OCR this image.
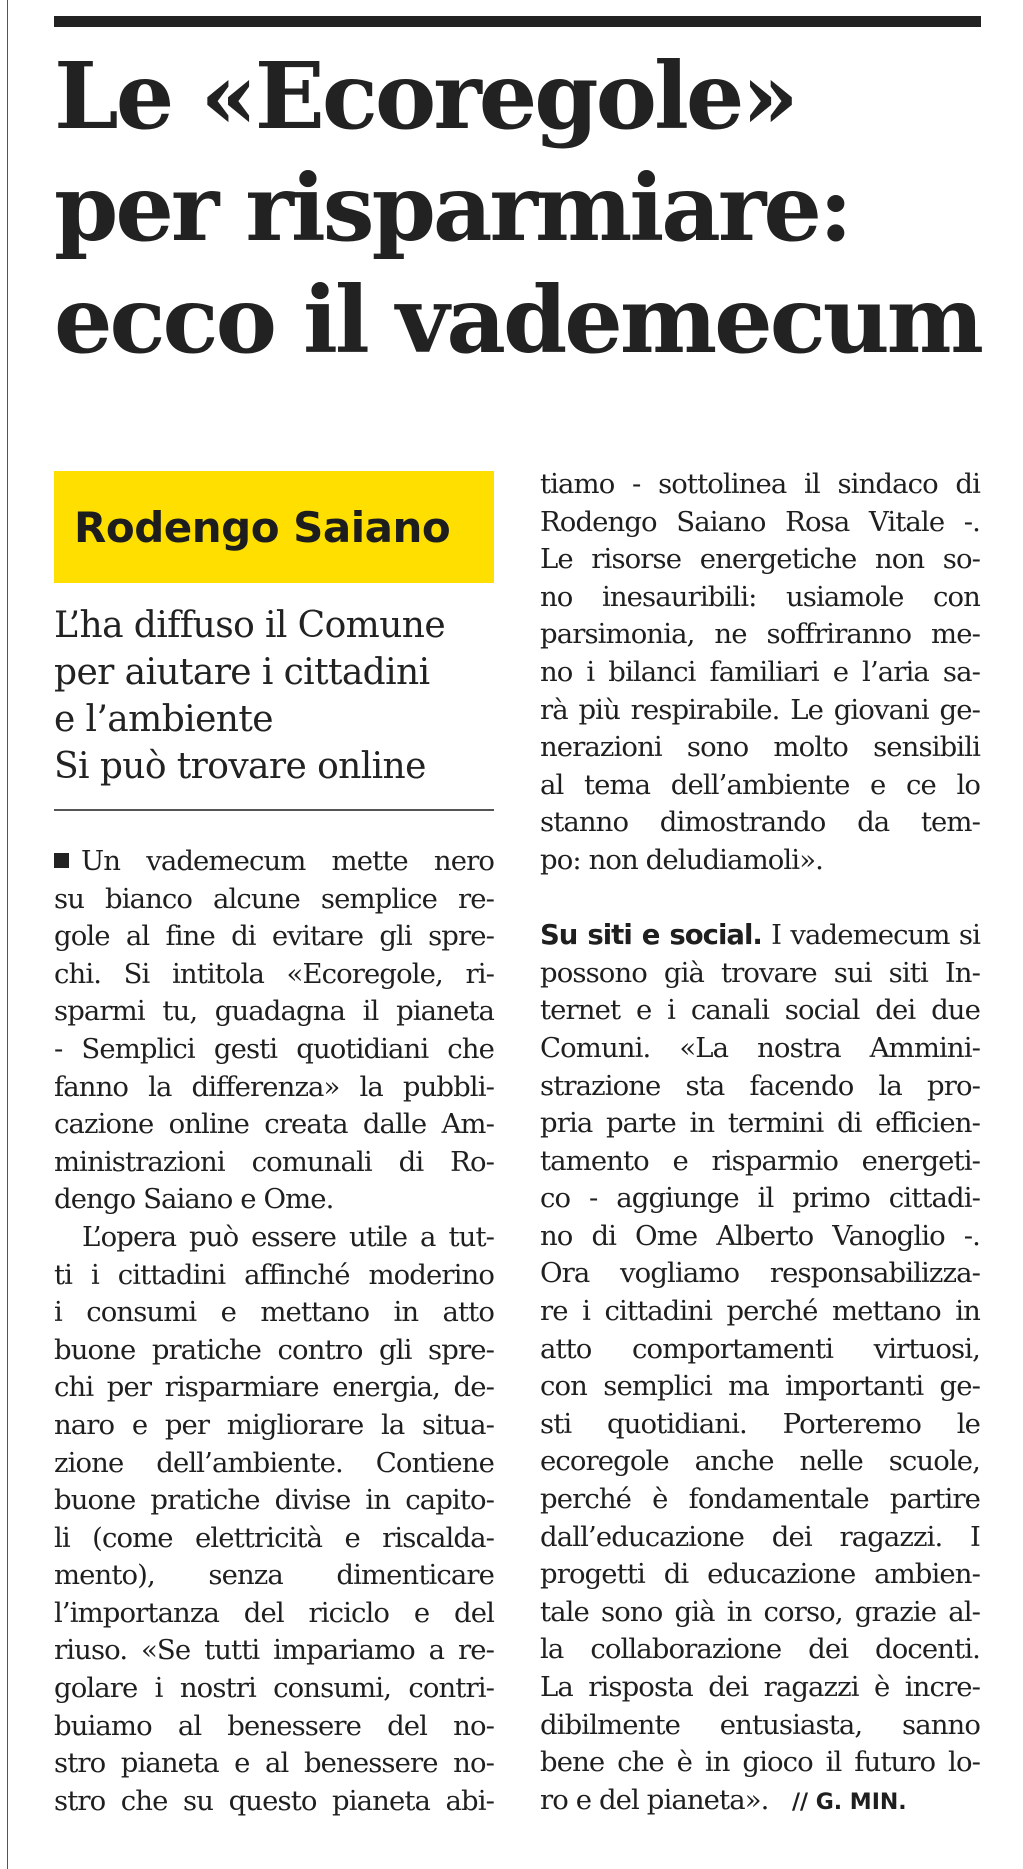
Le «Ecoregole»
per risparmiare:
ecco il vademecum
Rodengo Saiano
L’ha diffuso il Comune
per aiutare i cittadini
e l’ambiente
Si può trovare online
Un vademecum mette nero
su bianco alcune semplice re-
gole al fine di evitare gli spre-
chi. Si intitola «Ecoregole, ri-
sparmi tu, guadagna il pianeta
- Semplici gesti quotidiani che
fanno la differenza» la pubbli-
cazione online creata dalle Am-
ministrazioni comunali di Ro-
dengo Saiano e Ome.
L’opera può essere utile a tut-
ti i cittadini affinché moderino
i consumi e mettano in atto
buone pratiche contro gli spre-
chi per risparmiare energia, de-
naro e per migliorare la situa-
zione dell’ambiente. Contiene
buone pratiche divise in capito-
li (come elettricità e riscalda-
mento), senza dimenticare
l’importanza del riciclo e del
riuso. «Se tutti impariamo a re-
golare i nostri consumi, contri-
buiamo al benessere del no-
stro pianeta e al benessere no-
stro che su questo pianeta abi-
tiamo - sottolinea il sindaco di
Rodengo Saiano Rosa Vitale -.
Le risorse energetiche non so-
no inesauribili: usiamole con
parsimonia, ne soffriranno me-
no i bilanci familiari e l’aria sa-
rà più respirabile. Le giovani ge-
nerazioni sono molto sensibili
al tema dell’ambiente e ce lo
stanno dimostrando da tem-
po: non deludiamoli».
Su siti e social. I vademecum si
possono già trovare sui siti In-
ternet e i canali social dei due
Comuni. «La nostra Ammini-
strazione sta facendo la pro-
pria parte in termini di efficien-
tamento e risparmio energeti-
co - aggiunge il primo cittadi-
no di Ome Alberto Vanoglio -.
Ora vogliamo responsabilizza-
re i cittadini perché mettano in
atto comportamenti virtuosi,
con semplici ma importanti ge-
sti quotidiani. Porteremo le
ecoregole anche nelle scuole,
perché è fondamentale partire
dall’educazione dei ragazzi. I
progetti di educazione ambien-
tale sono già in corso, grazie al-
la collaborazione dei docenti.
La risposta dei ragazzi è incre-
dibilmente entusiasta, sanno
bene che è in gioco il futuro lo-
ro e del pianeta». // G. MIN.
